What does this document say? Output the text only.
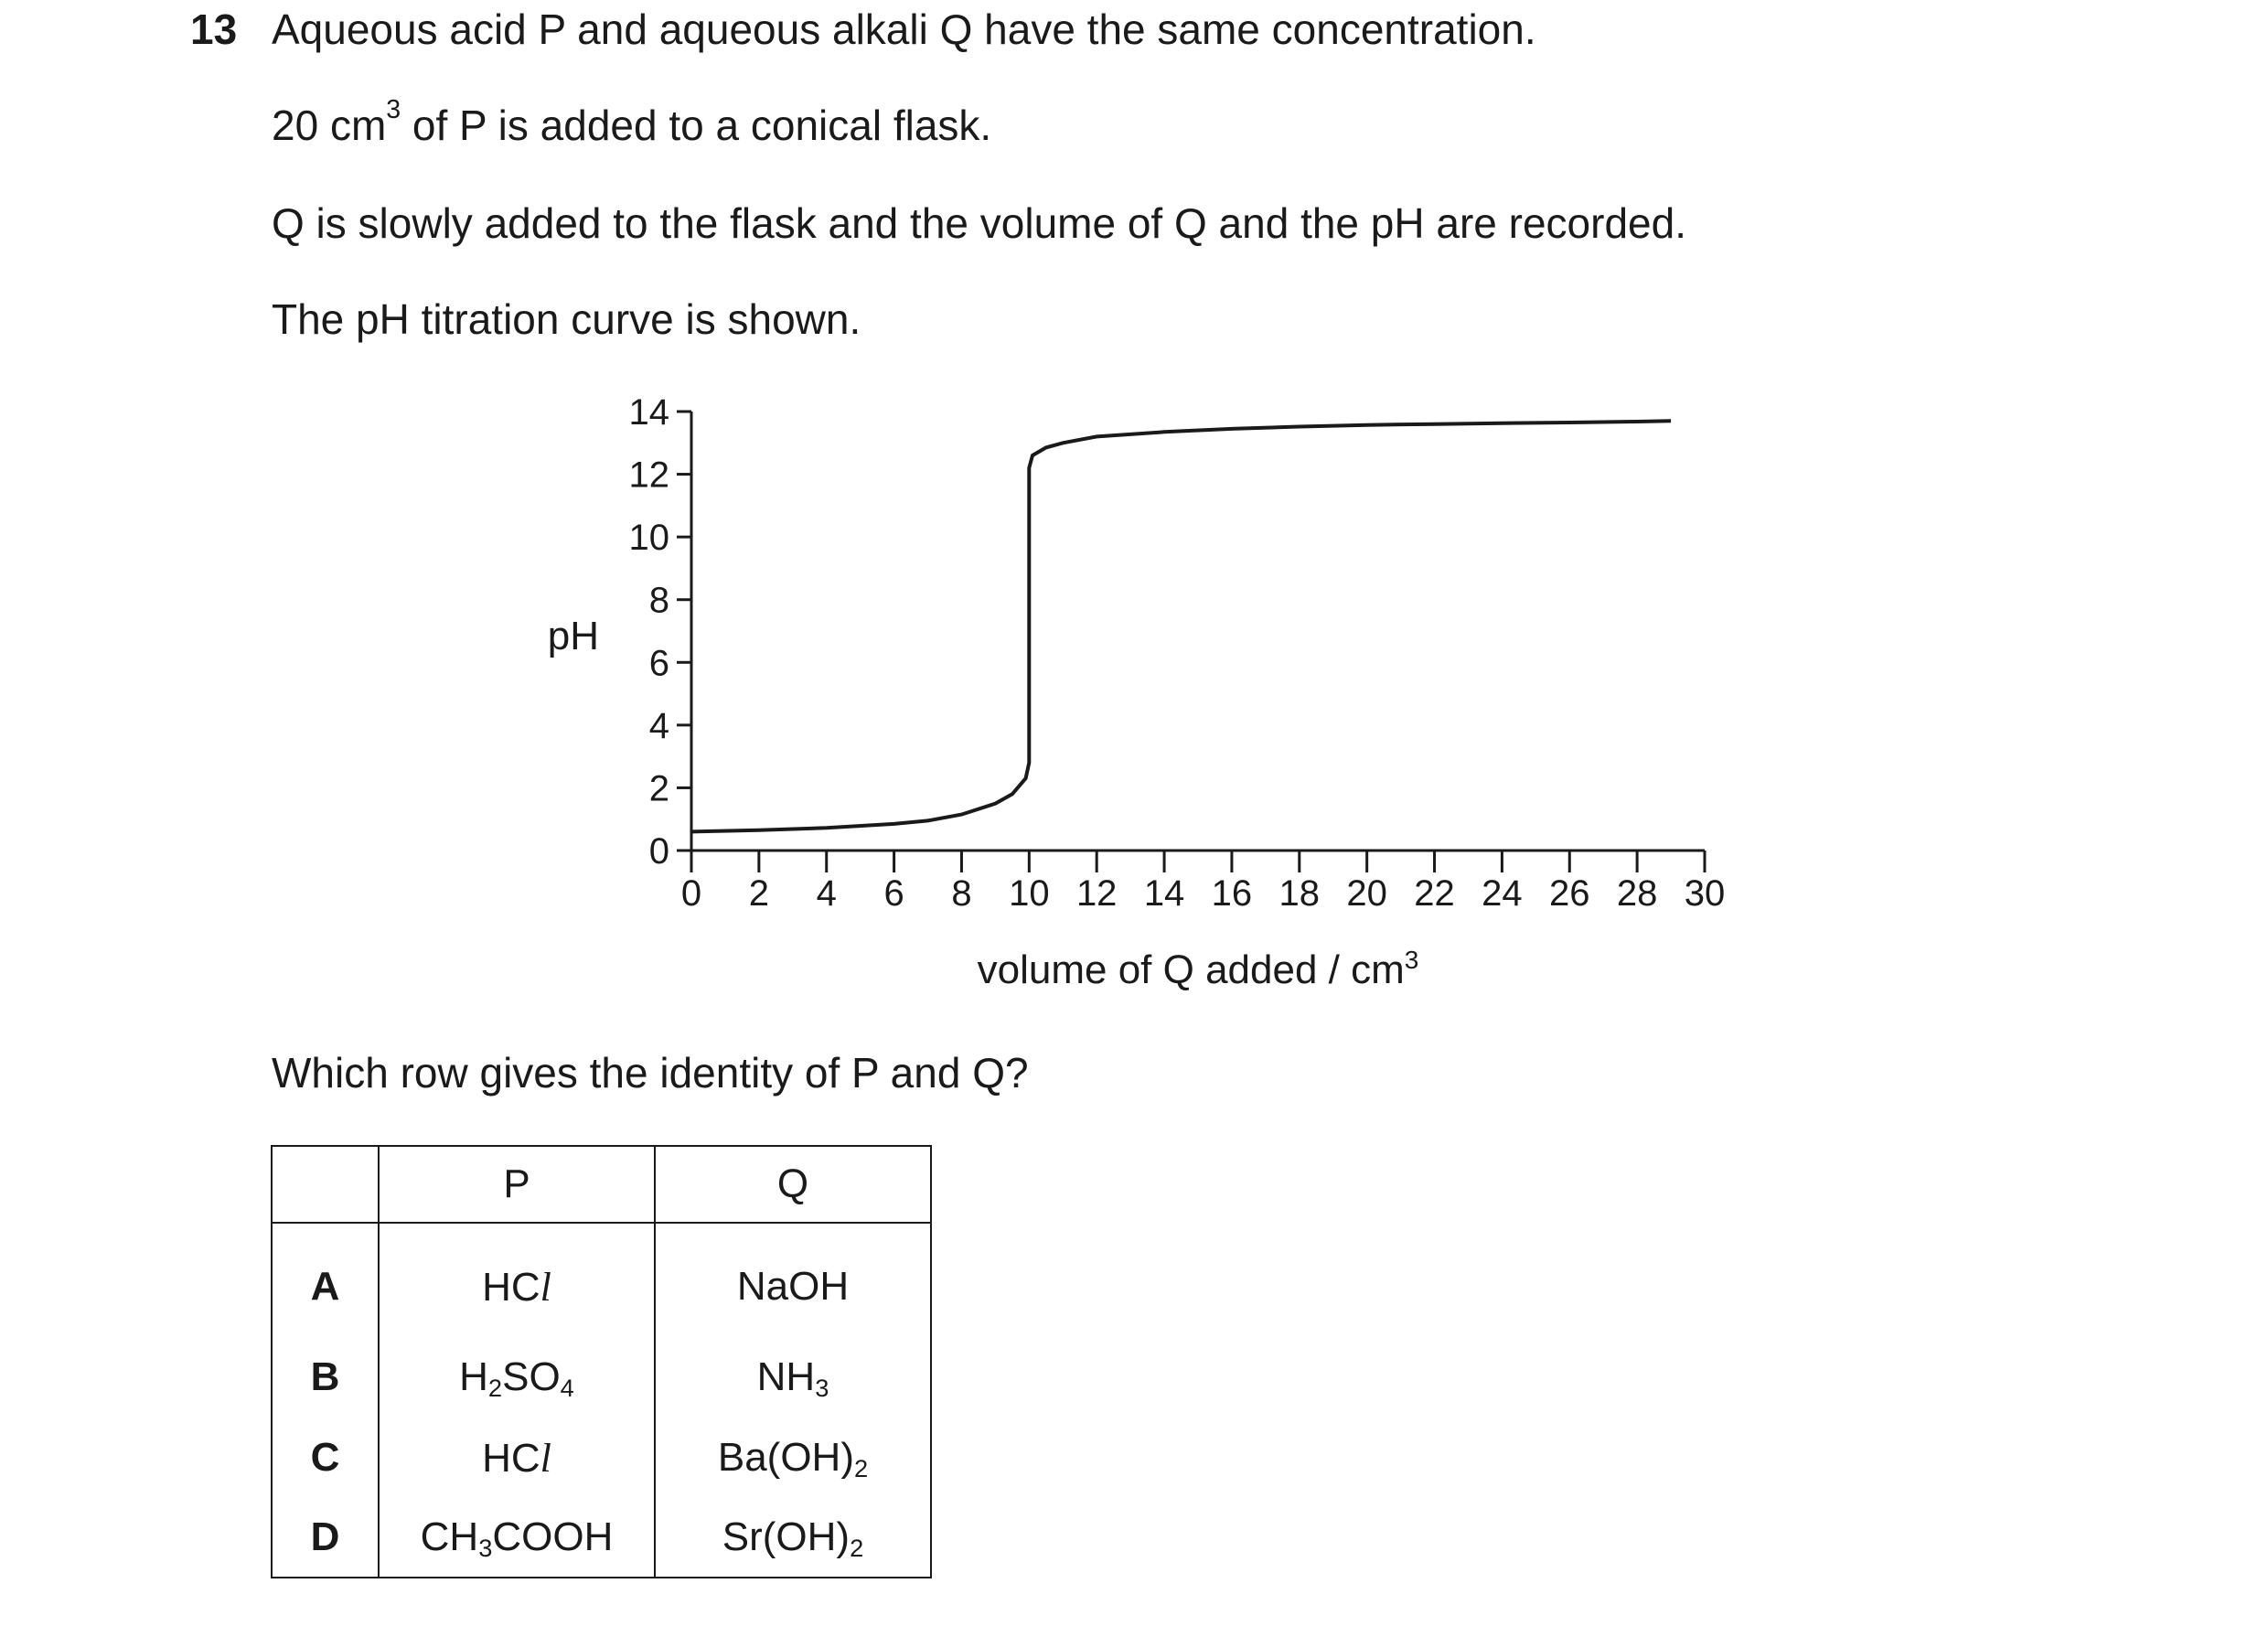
13 Aqueous acid P and aqueous alkali Q have the same concentration.
20 $cm^3$ of P is added to a conical flask.
Q is slowly added to the flask and the volume of Q and the pH are recorded.
The pH titration curve is shown.
0
2
4
6
8
10
12
14
0 2 4 6 8 10 12 14 16 18 20 22 24 26 28 30
pH
volume of Q added / $cm^3$
Which row gives the identity of P and Q?
	P	Q
A	HCl	NaOH
B	$H_2SO_4$	$NH_3$
C	HCl	$Ba(OH)_2$
D	$CH_3COOH$	$Sr(OH)_2$
